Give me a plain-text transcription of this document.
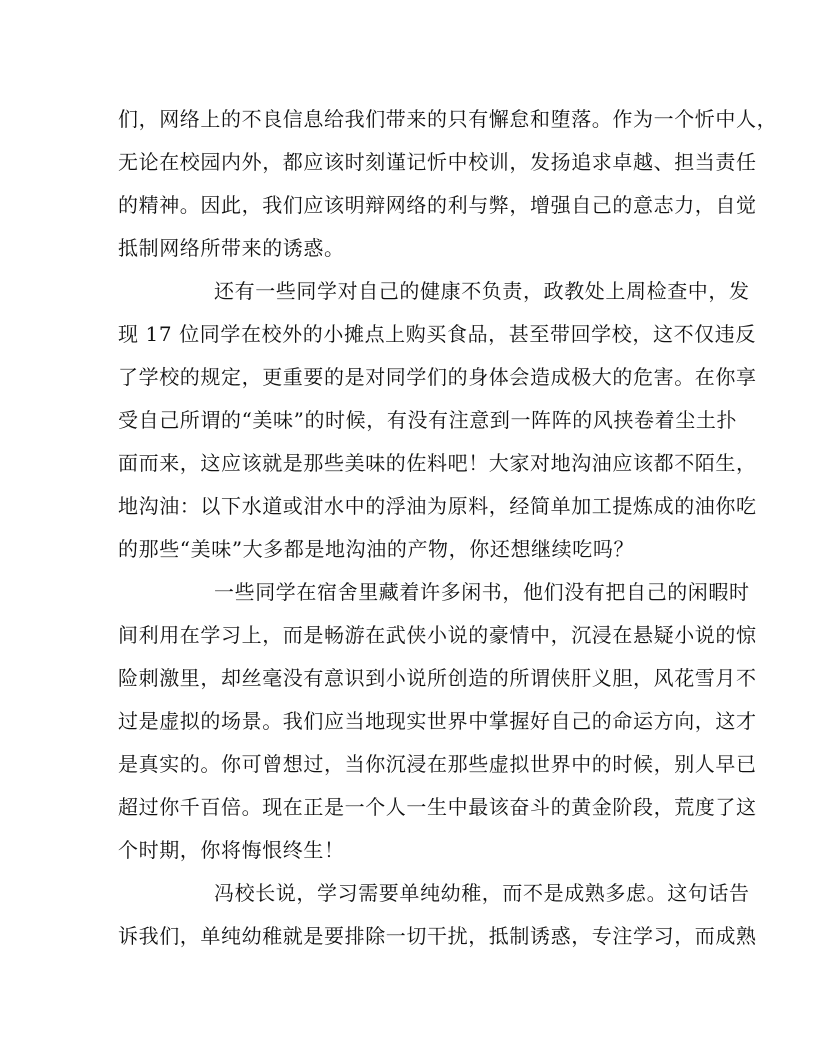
们，网络上的不良信息给我们带来的只有懈怠和堕落。作为一个忻中人，
无论在校园内外，都应该时刻谨记忻中校训，发扬追求卓越、担当责任
的精神。因此，我们应该明辩网络的利与弊，增强自己的意志力，自觉
抵制网络所带来的诱惑。
还有一些同学对自己的健康不负责，政教处上周检查中，发
现 17 位同学在校外的小摊点上购买食品，甚至带回学校，这不仅违反
了学校的规定，更重要的是对同学们的身体会造成极大的危害。在你享
受自己所谓的“美味”的时候，有没有注意到一阵阵的风挟卷着尘土扑
面而来，这应该就是那些美味的佐料吧！大家对地沟油应该都不陌生，
地沟油：以下水道或泔水中的浮油为原料，经简单加工提炼成的油你吃
的那些“美味”大多都是地沟油的产物，你还想继续吃吗？
一些同学在宿舍里藏着许多闲书，他们没有把自己的闲暇时
间利用在学习上，而是畅游在武侠小说的豪情中，沉浸在悬疑小说的惊
险刺激里，却丝毫没有意识到小说所创造的所谓侠肝义胆，风花雪月不
过是虚拟的场景。我们应当地现实世界中掌握好自己的命运方向，这才
是真实的。你可曾想过，当你沉浸在那些虚拟世界中的时候，别人早已
超过你千百倍。现在正是一个人一生中最该奋斗的黄金阶段，荒度了这
个时期，你将悔恨终生！
冯校长说，学习需要单纯幼稚，而不是成熟多虑。这句话告
诉我们，单纯幼稚就是要排除一切干扰，抵制诱惑，专注学习，而成熟
